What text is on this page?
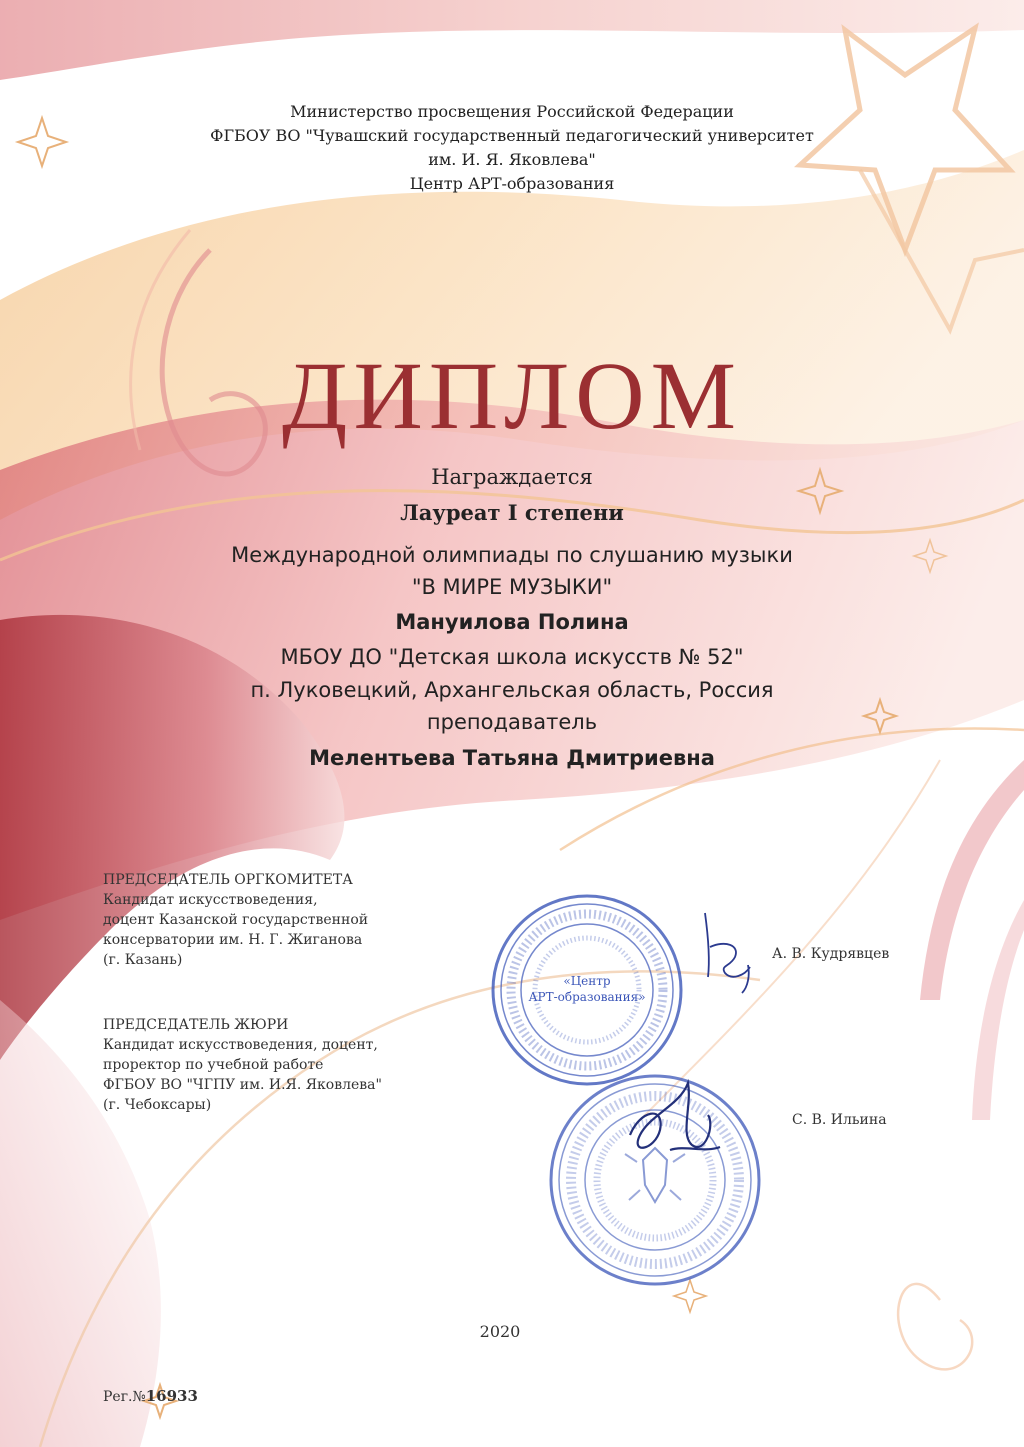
Министерство просвещения Российской Федерации
ФГБОУ ВО "Чувашский государственный педагогический университет
им. И. Я. Яковлева"
Центр АРТ-образования
ДИПЛОМ
Награждается
Лауреат I степени
Международной олимпиады по слушанию музыки
"В МИРЕ МУЗЫКИ"
Мануилова Полина
МБОУ ДО "Детская школа искусств № 52"
п. Луковецкий, Архангельская область, Россия
преподаватель
Мелентьева Татьяна Дмитриевна
ПРЕДСЕДАТЕЛЬ ОРГКОМИТЕТА
Кандидат искусствоведения,
доцент Казанской государственной
консерватории им. Н. Г. Жиганова
(г. Казань)	А. В. Кудрявцев
ПРЕДСЕДАТЕЛЬ ЖЮРИ
Кандидат искусствоведения, доцент,
проректор по учебной работе
ФГБОУ ВО "ЧГПУ им. И.Я. Яковлева"
(г. Чебоксары)
С. В. Ильина
«Центр
АРТ-образования»
2020
Рег.№16933
